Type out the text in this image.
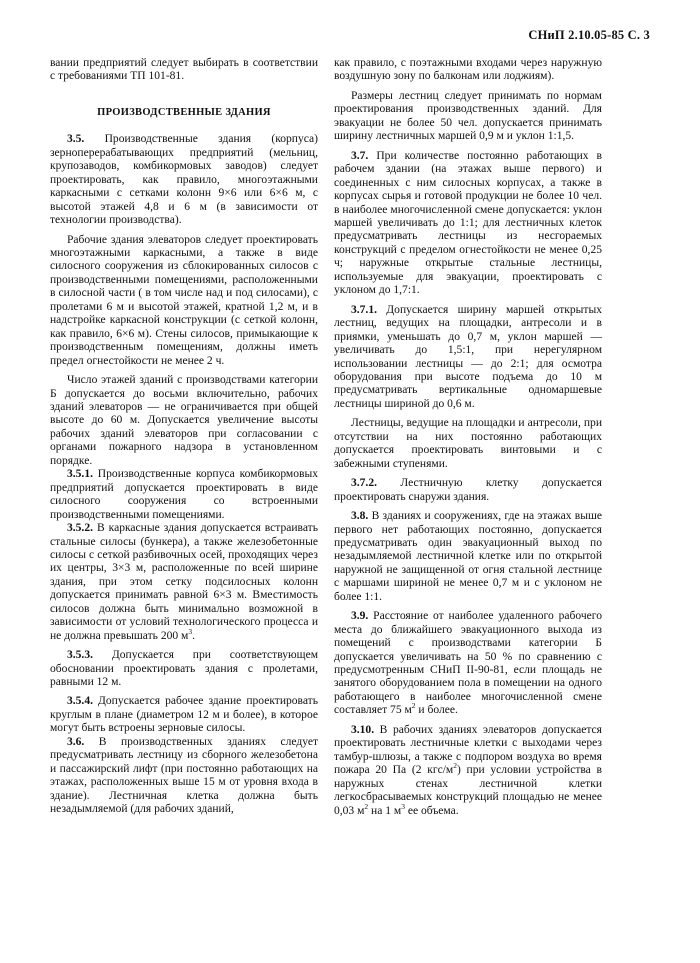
СНиП 2.10.05-85 С. 3

вании предприятий следует выбирать в соответствии с требованиями ТП 101-81.

ПРОИЗВОДСТВЕННЫЕ ЗДАНИЯ

3.5. Производственные здания (корпуса) зерноперерабатывающих предприятий (мельниц, крупозаводов, комбикормовых заводов) следует проектировать, как правило, многоэтажными каркасными с сетками колонн 9×6 или 6×6 м, с высотой этажей 4,8 и 6 м (в зависимости от технологии производства).

Рабочие здания элеваторов следует проектировать многоэтажными каркасными, а также в виде силосного сооружения из сблокированных силосов с производственными помещениями, расположенными в силосной части ( в том числе над и под силосами), с пролетами 6 м и высотой этажей, кратной 1,2 м, и в надстройке каркасной конструкции (с сеткой колонн, как правило, 6×6 м). Стены силосов, примыкающие к производственным помещениям, должны иметь предел огнестойкости не менее 2 ч.

Число этажей зданий с производствами категории Б допускается до восьми включительно, рабочих зданий элеваторов — не ограничивается при общей высоте до 60 м. Допускается увеличение высоты рабочих зданий элеваторов при согласовании с органами пожарного надзора в установленном порядке.

3.5.1. Производственные корпуса комбикормовых предприятий допускается проектировать в виде силосного сооружения со встроенными производственными помещениями.

3.5.2. В каркасные здания допускается встраивать стальные силосы (бункера), а также железобетонные силосы с сеткой разбивочных осей, проходящих через их центры, 3×3 м, расположенные по всей ширине здания, при этом сетку подсилосных колонн допускается принимать равной 6×3 м. Вместимость силосов должна быть минимально возможной в зависимости от условий технологического процесса и не должна превышать 200 $м^3$.

3.5.3. Допускается при соответствующем обосновании проектировать здания с пролетами, равными 12 м.

3.5.4. Допускается рабочее здание проектировать круглым в плане (диаметром 12 м и более), в которое могут быть встроены зерновые силосы.

3.6. В производственных зданиях следует предусматривать лестницу из сборного железобетона и пассажирский лифт (при постоянно работающих на этажах, расположенных выше 15 м от уровня входа в здание). Лестничная клетка должна быть незадымляемой (для рабочих зданий,

как правило, с поэтажными входами через наружную воздушную зону по балконам или лоджиям).

Размеры лестниц следует принимать по нормам проектирования производственных зданий. Для эвакуации не более 50 чел. допускается принимать ширину лестничных маршей 0,9 м и уклон 1:1,5.

3.7. При количестве постоянно работающих в рабочем здании (на этажах выше первого) и соединенных с ним силосных корпусах, а также в корпусах сырья и готовой продукции не более 10 чел. в наиболее многочисленной смене допускается: уклон маршей увеличивать до 1:1; для лестничных клеток предусматривать лестницы из несгораемых конструкций с пределом огнестойкости не менее 0,25 ч; наружные открытые стальные лестницы, используемые для эвакуации, проектировать с уклоном до 1,7:1.

3.7.1. Допускается ширину маршей открытых лестниц, ведущих на площадки, антресоли и в приямки, уменьшать до 0,7 м, уклон маршей — увеличивать до 1,5:1, при нерегулярном использовании лестницы — до 2:1; для осмотра оборудования при высоте подъема до 10 м предусматривать вертикальные одномаршевые лестницы шириной до 0,6 м.

Лестницы, ведущие на площадки и антресоли, при отсутствии на них постоянно работающих допускается проектировать винтовыми и с забежными ступенями.

3.7.2. Лестничную клетку допускается проектировать снаружи здания.

3.8. В зданиях и сооружениях, где на этажах выше первого нет работающих постоянно, допускается предусматривать один эвакуационный выход по незадымляемой лестничной клетке или по открытой наружной не защищенной от огня стальной лестнице с маршами шириной не менее 0,7 м и с уклоном не более 1:1.

3.9. Расстояние от наиболее удаленного рабочего места до ближайшего эвакуационного выхода из помещений с производствами категории Б допускается увеличивать на 50 % по сравнению с предусмотренным СНиП II-90-81, если площадь не занятого оборудованием пола в помещении на одного работающего в наиболее многочисленной смене составляет 75 $м^2$ и более.

3.10. В рабочих зданиях элеваторов допускается проектировать лестничные клетки с выходами через тамбур-шлюзы, а также с подпором воздуха во время пожара 20 Па (2 кгс/$м^2$) при условии устройства в наружных стенах лестничной клетки легкосбрасываемых конструкций площадью не менее 0,03 $м^2$ на 1 $м^3$ ее объема.
